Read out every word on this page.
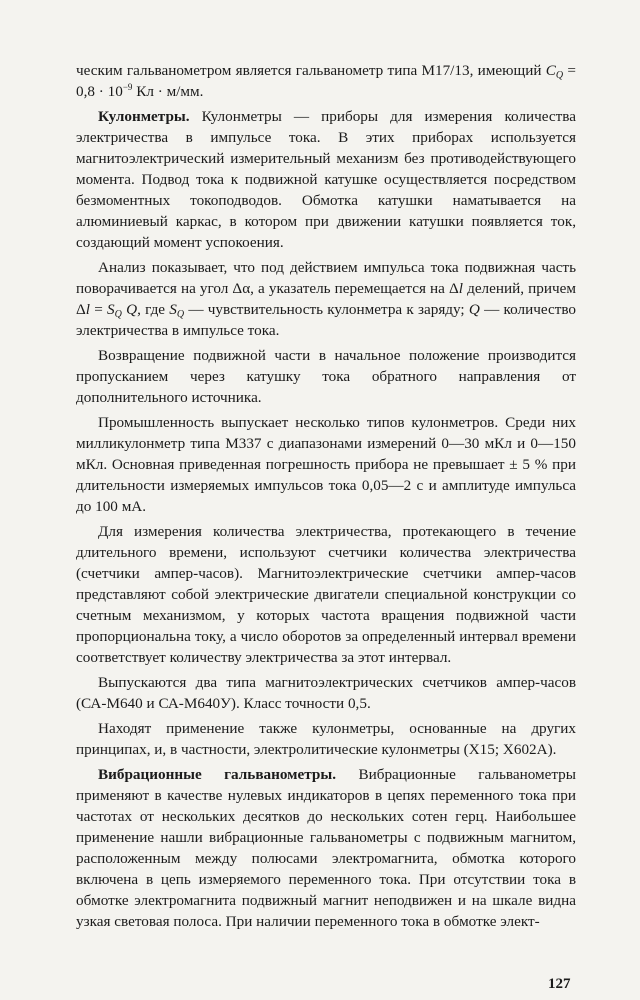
ческим гальванометром является гальванометр типа М17/13, имеющий $C_Q = 0,8 \cdot 10^{-9}$ Кл · м/мм.

Кулонметры. Кулонметры — приборы для измерения количества электричества в импульсе тока. В этих приборах используется магнитоэлектрический измерительный механизм без противодействующего момента. Подвод тока к подвижной катушке осуществляется посредством безмоментных токоподводов. Обмотка катушки наматывается на алюминиевый каркас, в котором при движении катушки появляется ток, создающий момент успокоения.

Анализ показывает, что под действием импульса тока подвижная часть поворачивается на угол Δα, а указатель перемещается на Δl делений, причем $\Delta l = S_Q$ Q, где $S_Q$ — чувствительность кулонметра к заряду; Q — количество электричества в импульсе тока.

Возвращение подвижной части в начальное положение производится пропусканием через катушку тока обратного направления от дополнительного источника.

Промышленность выпускает несколько типов кулонметров. Среди них милликулонметр типа М337 с диапазонами измерений 0—30 мКл и 0—150 мКл. Основная приведенная погрешность прибора не превышает ± 5 % при длительности измеряемых импульсов тока 0,05—2 с и амплитуде импульса до 100 мА.

Для измерения количества электричества, протекающего в течение длительного времени, используют счетчики количества электричества (счетчики ампер-часов). Магнитоэлектрические счетчики ампер-часов представляют собой электрические двигатели специальной конструкции со счетным механизмом, у которых частота вращения подвижной части пропорциональна току, а число оборотов за определенный интервал времени соответствует количеству электричества за этот интервал.

Выпускаются два типа магнитоэлектрических счетчиков ампер-часов (СА-М640 и СА-М640У). Класс точности 0,5.

Находят применение также кулонметры, основанные на других принципах, и, в частности, электролитические кулонметры (Х15; Х602А).

Вибрационные гальванометры. Вибрационные гальванометры применяют в качестве нулевых индикаторов в цепях переменного тока при частотах от нескольких десятков до нескольких сотен герц. Наибольшее применение нашли вибрационные гальванометры с подвижным магнитом, расположенным между полюсами электромагнита, обмотка которого включена в цепь измеряемого переменного тока. При отсутствии тока в обмотке электромагнита подвижный магнит неподвижен и на шкале видна узкая световая полоса. При наличии переменного тока в обмотке элект-

127
